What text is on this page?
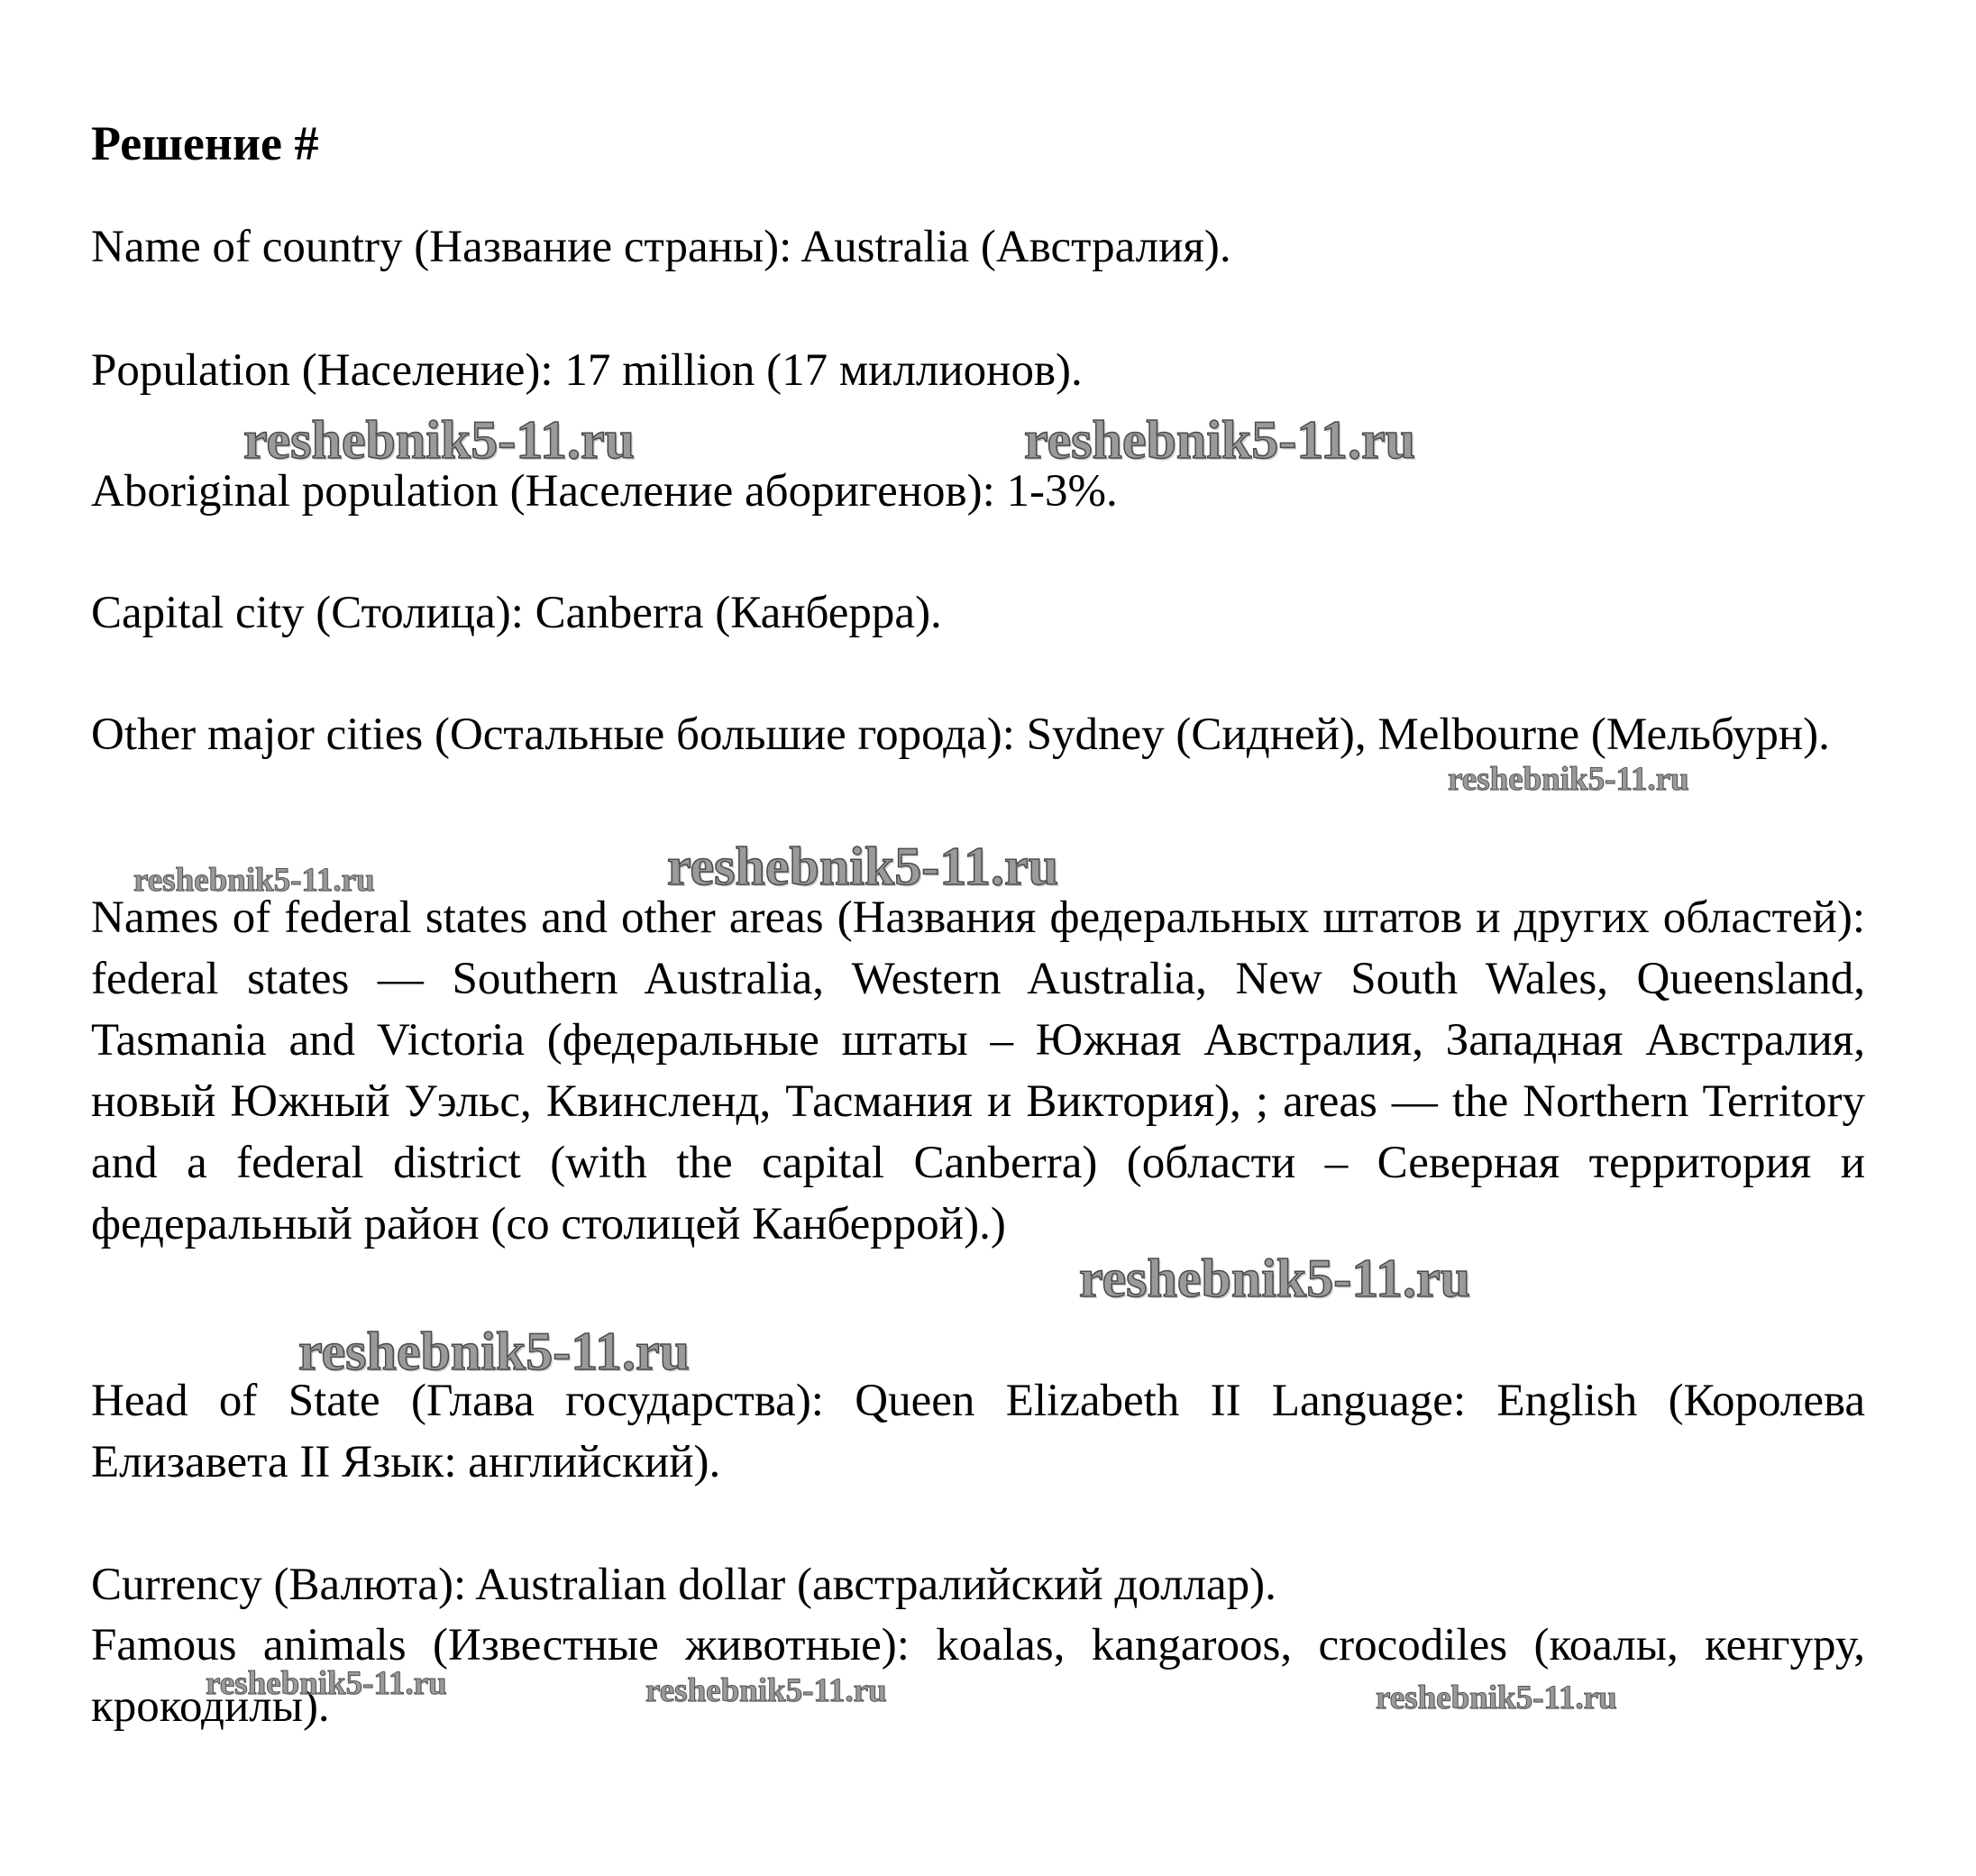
Решение #
Name of country (Название страны): Australia (Австралия).
Population (Население): 17 million (17 миллионов).
Aboriginal population (Население аборигенов): 1-3%.
Capital city (Столица): Canberra (Канберра).
Other major cities (Остальные большие города): Sydney (Сидней), Melbourne (Мельбурн).
Names of federal states and other areas (Названия федеральных штатов и других областей): federal states — Southern Australia, Western Australia, New South Wales, Queensland, Tasmania and Victoria (федеральные штаты – Южная Австралия, Западная Австралия, новый Южный Уэльс, Квинсленд, Тасмания и Виктория), ; areas — the Northern Territory and a federal district (with the capital Canberra) (области – Северная территория и федеральный район (со столицей Канберрой).)
Head of State (Глава государства): Queen Elizabeth II Language: English (Королева Елизавета II Язык: английский).
Currency (Валюта): Australian dollar (австралийский доллар).
Famous animals (Известные животные): koalas, kangaroos, crocodiles (коалы, кенгуру, крокодилы).
reshebnik5-11.ru	reshebnik5-11.ru
reshebnik5-11.ru
reshebnik5-11.ru	reshebnik5-11.ru
reshebnik5-11.ru
reshebnik5-11.ru
reshebnik5-11.ru	reshebnik5-11.ru	reshebnik5-11.ru
